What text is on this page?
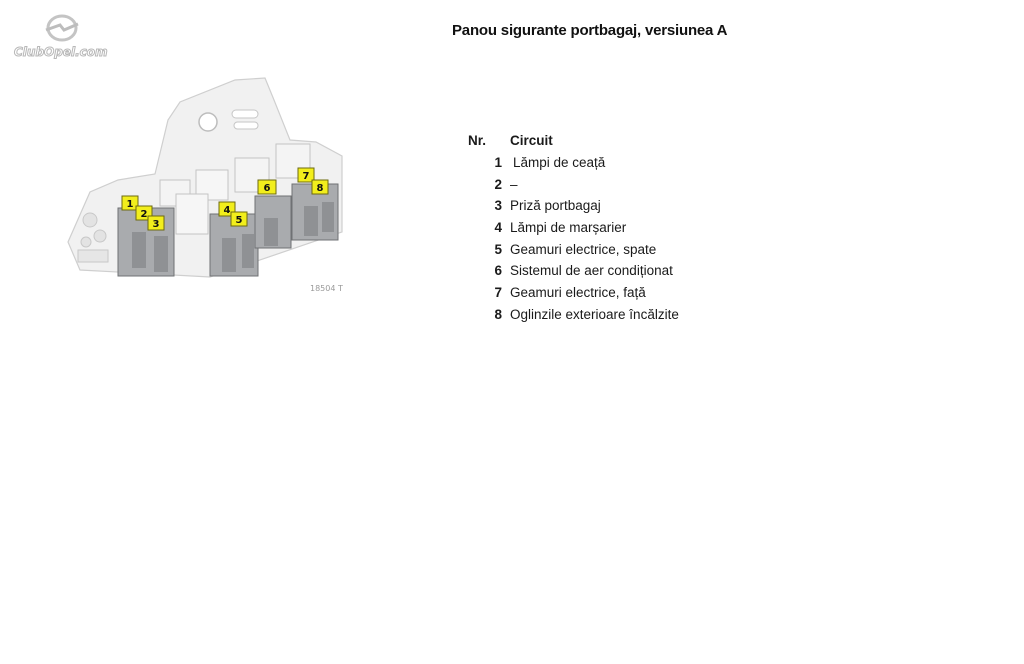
ClubOpel.com
Panou sigurante portbagaj, versiunea A
1
2
3
4
5
6
7
8
18504 T
Nr.	Circuit
1	Lămpi de ceață
2	–
3	Priză portbagaj
4	Lămpi de marșarier
5	Geamuri electrice, spate
6	Sistemul de aer condiționat
7	Geamuri electrice, față
8	Oglinzile exterioare încălzite
